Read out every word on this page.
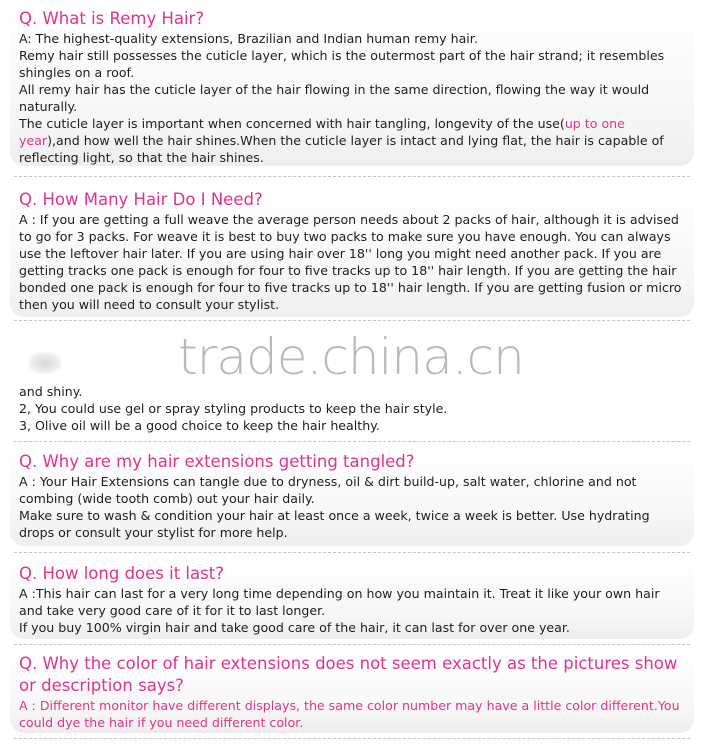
Q. What is Remy Hair?

A: The highest-quality extensions, Brazilian and Indian human remy hair.

Remy hair still possesses the cuticle layer, which is the outermost part of the hair strand; it resembles shingles on a roof.

All remy hair has the cuticle layer of the hair flowing in the same direction, flowing the way it would naturally.

The cuticle layer is important when concerned with hair tangling, longevity of the use(up to one year),and how well the hair shines.When the cuticle layer is intact and lying flat, the hair is capable of reflecting light, so that the hair shines.

Q. How Many Hair Do I Need?

A : If you are getting a full weave the average person needs about 2 packs of hair, although it is advised to go for 3 packs. For weave it is best to buy two packs to make sure you have enough. You can always use the leftover hair later. If you are using hair over 18'' long you might need another pack. If you are getting tracks one pack is enough for four to five tracks up to 18'' hair length. If you are getting the hair bonded one pack is enough for four to five tracks up to 18'' hair length. If you are getting fusion or micro then you will need to consult your stylist.

trade.china.cn

and shiny.

2, You could use gel or spray styling products to keep the hair style.

3, Olive oil will be a good choice to keep the hair healthy.

Q. Why are my hair extensions getting tangled?

A : Your Hair Extensions can tangle due to dryness, oil & dirt build-up, salt water, chlorine and not combing (wide tooth comb) out your hair daily.

Make sure to wash & condition your hair at least once a week, twice a week is better. Use hydrating drops or consult your stylist for more help.

Q. How long does it last?

A :This hair can last for a very long time depending on how you maintain it. Treat it like your own hair and take very good care of it for it to last longer.

If you buy 100% virgin hair and take good care of the hair, it can last for over one year.

Q. Why the color of hair extensions does not seem exactly as the pictures show or description says?

A : Different monitor have different displays, the same color number may have a little color different.You could dye the hair if you need different color.
